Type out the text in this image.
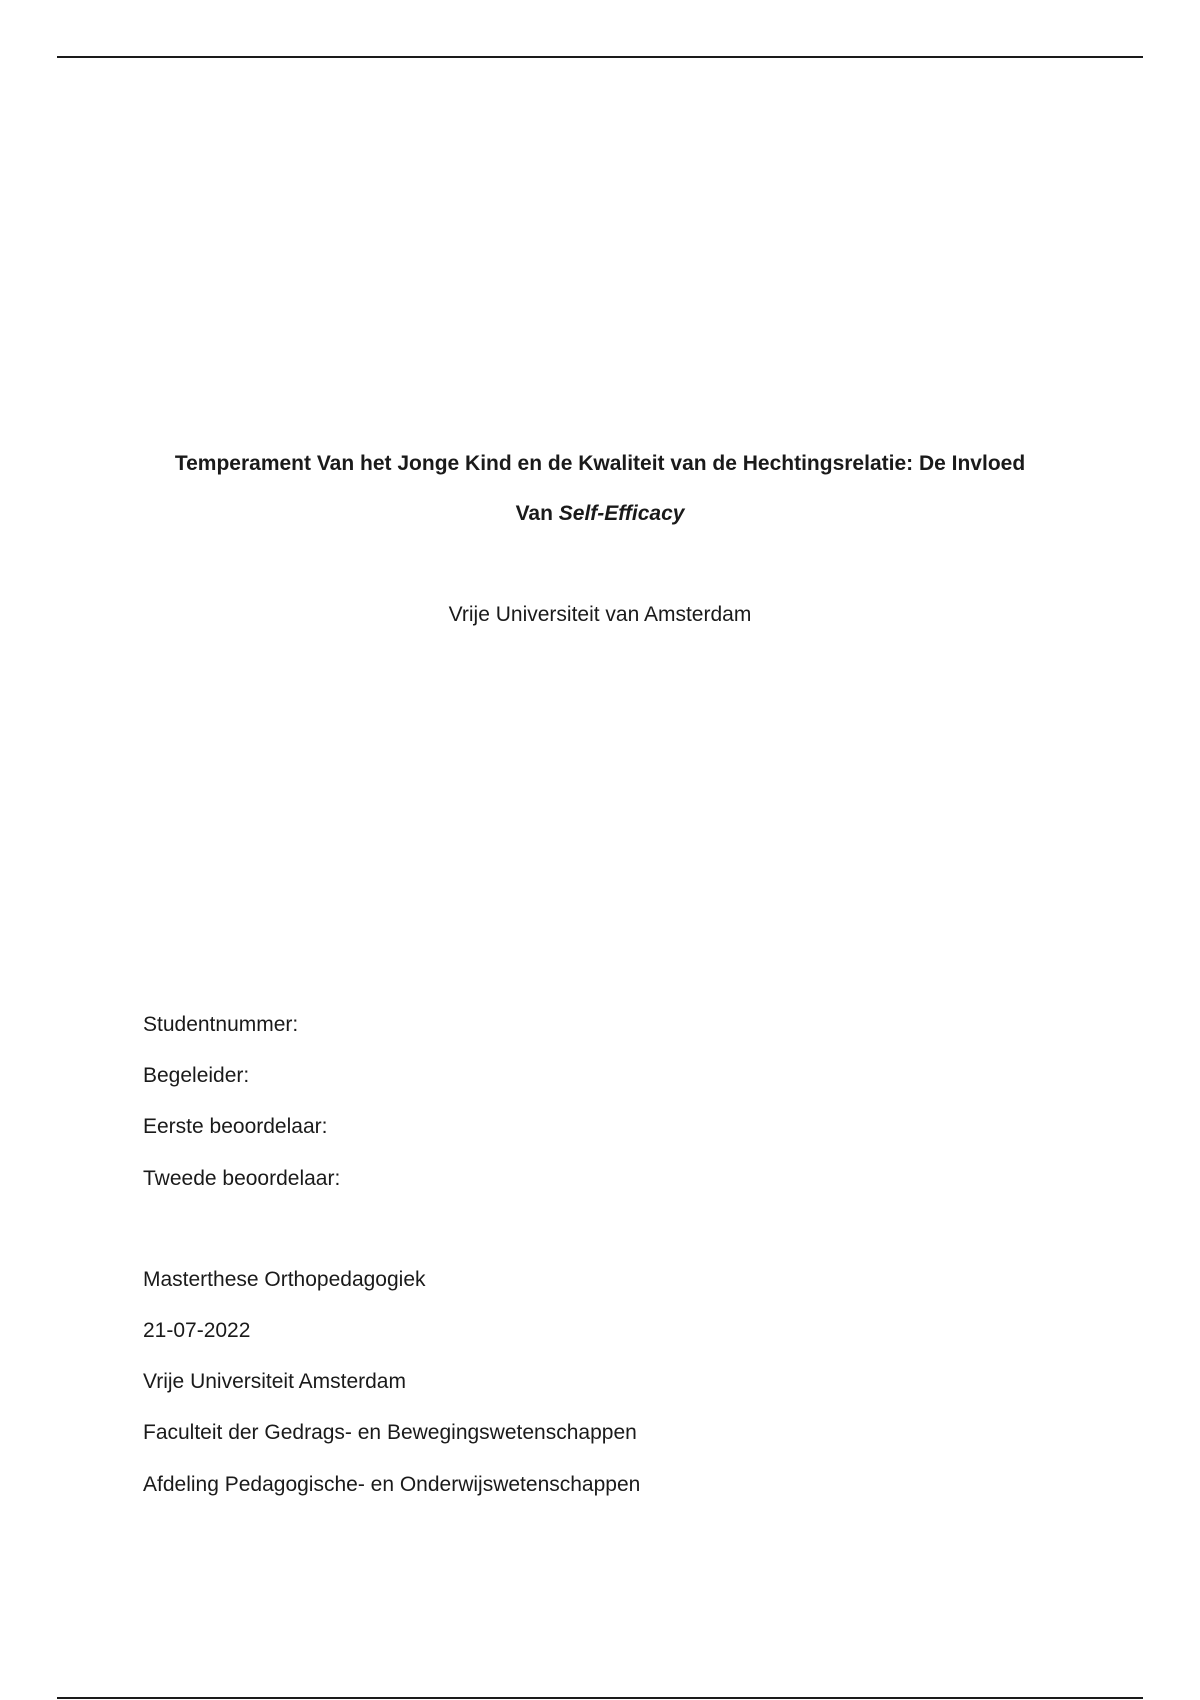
Temperament Van het Jonge Kind en de Kwaliteit van de Hechtingsrelatie: De Invloed
Van Self-Efficacy
Vrije Universiteit van Amsterdam
Studentnummer:
Begeleider:
Eerste beoordelaar:
Tweede beoordelaar:
Masterthese Orthopedagogiek
21-07-2022
Vrije Universiteit Amsterdam
Faculteit der Gedrags- en Bewegingswetenschappen
Afdeling Pedagogische- en Onderwijswetenschappen
